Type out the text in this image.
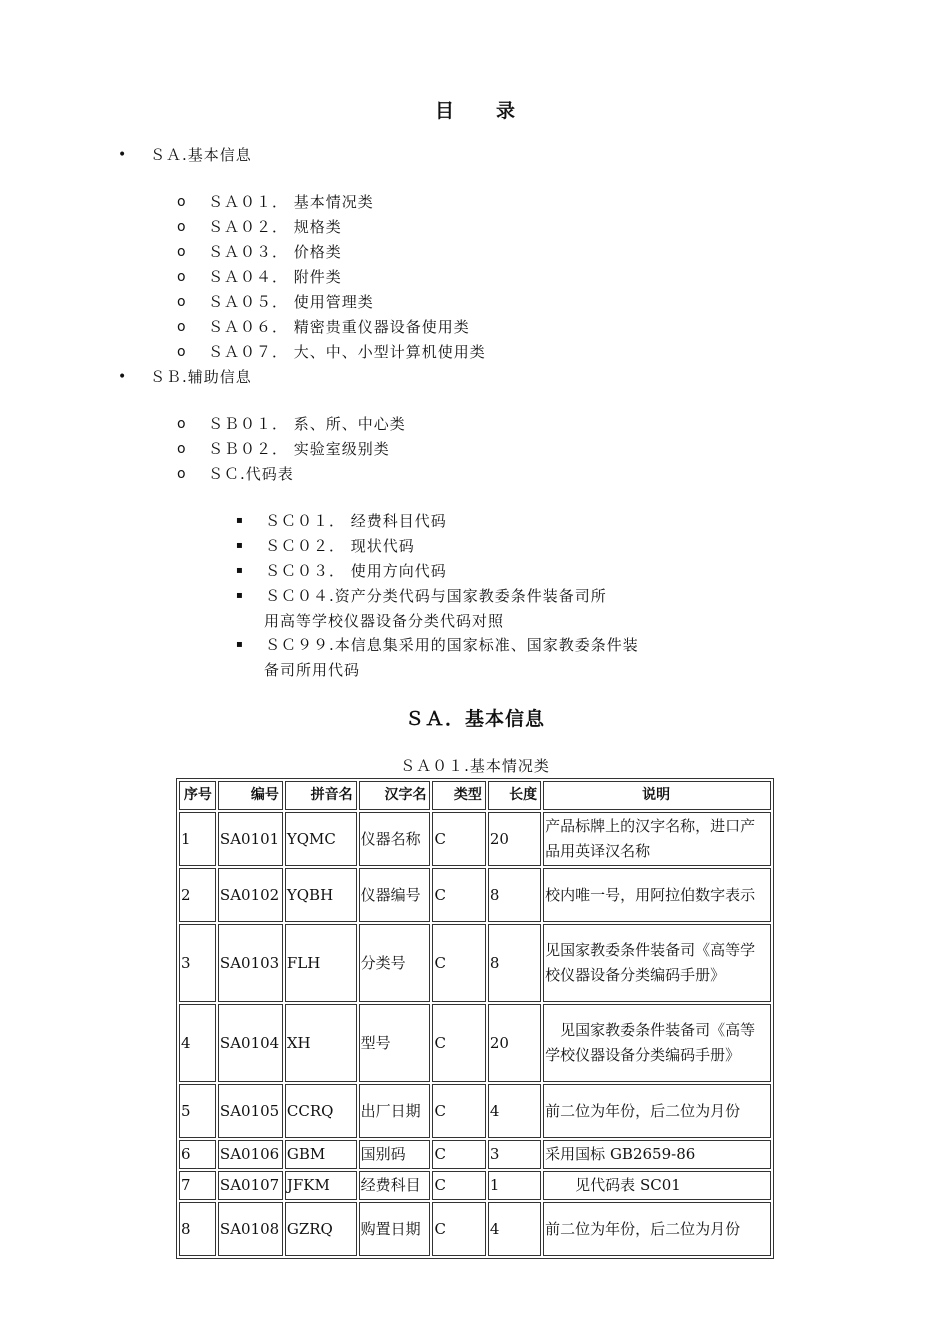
目 录
• ＳＡ.基本信息
o ＳＡ０１． 基本情况类
o ＳＡ０２． 规格类
o ＳＡ０３． 价格类
o ＳＡ０４． 附件类
o ＳＡ０５． 使用管理类
o ＳＡ０６． 精密贵重仪器设备使用类
o ＳＡ０７． 大、中、小型计算机使用类
• ＳＢ.辅助信息
o ＳＢ０１． 系、所、中心类
o ＳＢ０２． 实验室级别类
o ＳＣ.代码表
▪ ＳＣ０１． 经费科目代码
▪ ＳＣ０２． 现状代码
▪ ＳＣ０３． 使用方向代码
▪ ＳＣ０４.资产分类代码与国家教委条件装备司所
用高等学校仪器设备分类代码对照
▪ ＳＣ９９.本信息集采用的国家标准、国家教委条件装
备司所用代码
ＳＡ．基本信息
ＳＡ０１.基本情况类
序号	编号	拼音名	汉字名	类型	长度	说明
1	SA0101	YQMC	仪器名称	C	20	产品标牌上的汉字名称，进口产品用英译汉名称
2	SA0102	YQBH	仪器编号	C	8	校内唯一号，用阿拉伯数字表示
3	SA0103	FLH	分类号	C	8	见国家教委条件装备司《高等学校仪器设备分类编码手册》
4	SA0104	XH	型号	C	20	　见国家教委条件装备司《高等学校仪器设备分类编码手册》
5	SA0105	CCRQ	出厂日期	C	4	前二位为年份，后二位为月份
6	SA0106	GBM	国别码	C	3	采用国标 GB2659-86
7	SA0107	JFKM	经费科目	C	1	　　见代码表 SC01
8	SA0108	GZRQ	购置日期	C	4	前二位为年份，后二位为月份
